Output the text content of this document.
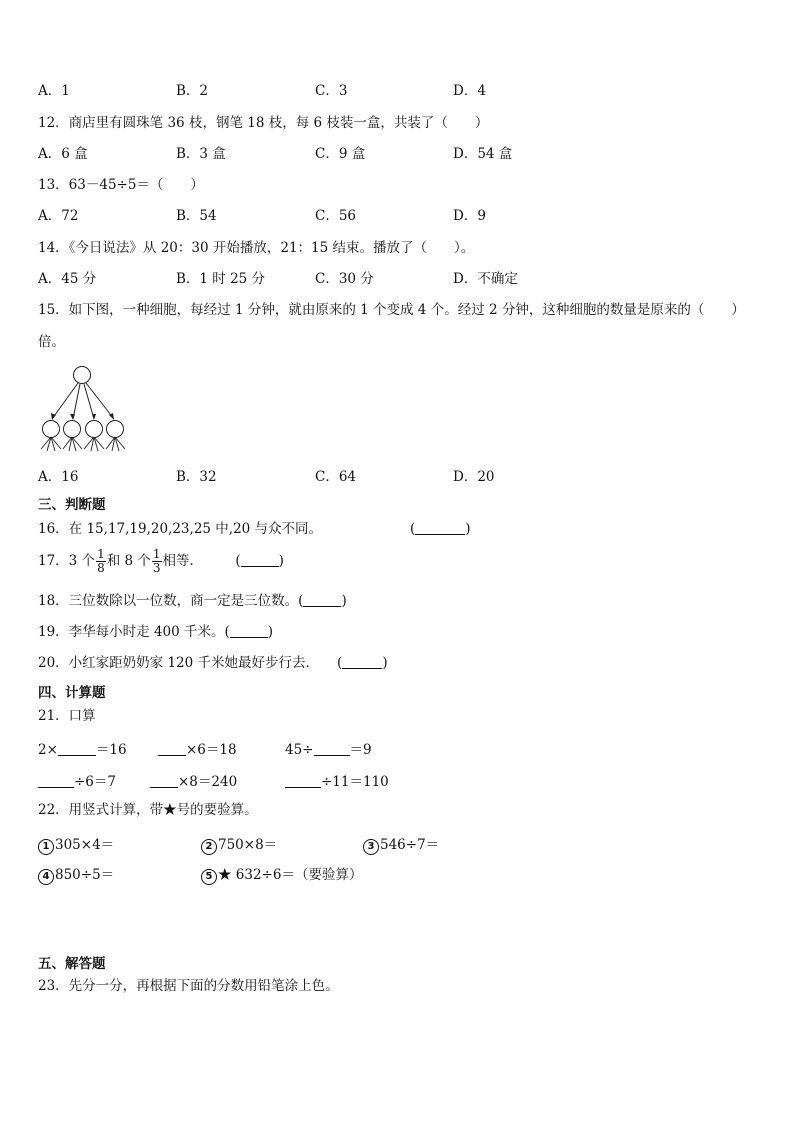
A．1	B．2	C．3	D．4
12．商店里有圆珠笔 36 枝，钢笔 18 枝，每 6 枝装一盒，共装了（　　）
A．6 盒	B．3 盒	C．9 盒	D．54 盒
13．63－45÷5＝（　　）
A．72	B．54	C．56	D．9
14．《今日说法》从 20：30 开始播放，21：15 结束。播放了（　　）。
A．45 分	B．1 时 25 分	C．30 分	D．不确定
15．如下图，一种细胞，每经过 1 分钟，就由原来的 1 个变成 4 个。经过 2 分钟，这种细胞的数量是原来的（　　）
倍。
A．16	B．32	C．64	D．20
三、判断题
16．在 15,17,19,20,23,25 中,20 与众不同。	(	)
17．3 个 $\frac{1}{8}$ 和 8 个 $\frac{1}{3}$ 相等． (	)
18．三位数除以一位数，商一定是三位数。(	)
19．李华每小时走 400 千米。(	)
20．小红家距奶奶家 120 千米她最好步行去． (	)
四、计算题
21．口算
2×	＝16	×6＝18	45÷	＝9
÷6＝7	×8＝240	÷11＝110
22．用竖式计算，带★号的要验算。
1 305×4＝	2 750×8＝	3 546÷7＝
4 850÷5＝	5 ★ 632÷6＝（要验算）
五、解答题
23．先分一分，再根据下面的分数用铅笔涂上色。
